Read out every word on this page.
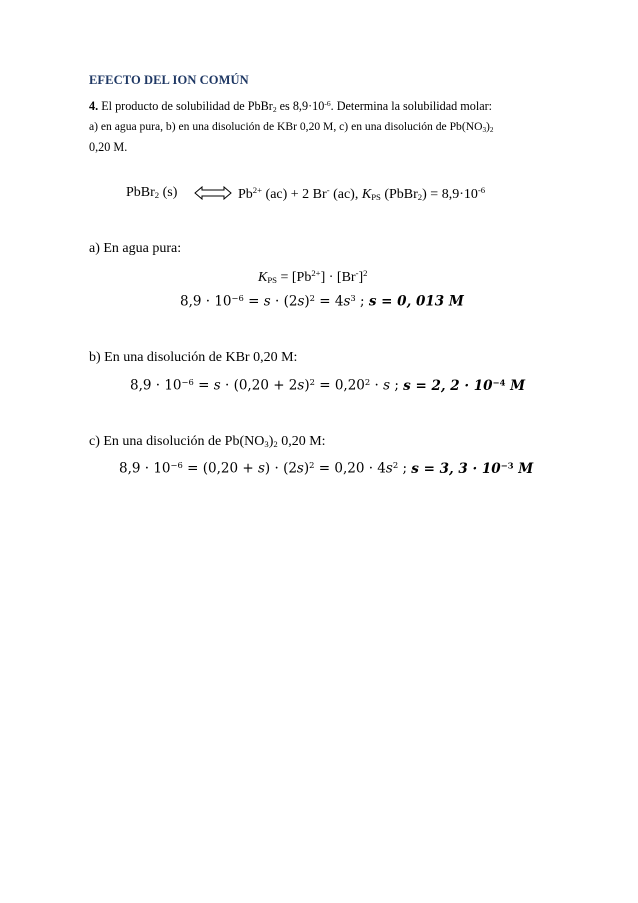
EFECTO DEL ION COMÚN
4. El producto de solubilidad de PbBr$_2$ es $8,9\cdot 10^{-6}$. Determina la solubilidad molar:
a) en agua pura, b) en una disolución de KBr 0,20 M, c) en una disolución de $Pb(NO_3)_2$
0,20 M.
PbBr$_2$ (s)	$Pb^{2+}$ (ac) + 2 Br- (ac), $K_{PS}$ (PbBr$_2$) = $8,9\cdot 10^{-6}$
a) En agua pura:
$K_{PS} = [Pb^{2+}] \cdot [Br^-]^2$
$8,9 \cdot 10^{-6} = s \cdot (2s)^2 = 4s^3$ ; s = 0, 013 M
b) En una disolución de KBr 0,20 M:
$8,9 \cdot 10^{-6} = s \cdot (0,20 + 2s)^2 = 0,20^2 \cdot s$ ; s = 2, $2 \cdot 10^{-4}$ M
c) En una disolución de $Pb(NO_3)_2$ 0,20 M:
$8,9 \cdot 10^{-6} = (0,20 + s) \cdot (2s)^2 = 0,20 \cdot 4s^2$ ; s = 3, $3 \cdot 10^{-3}$ M
